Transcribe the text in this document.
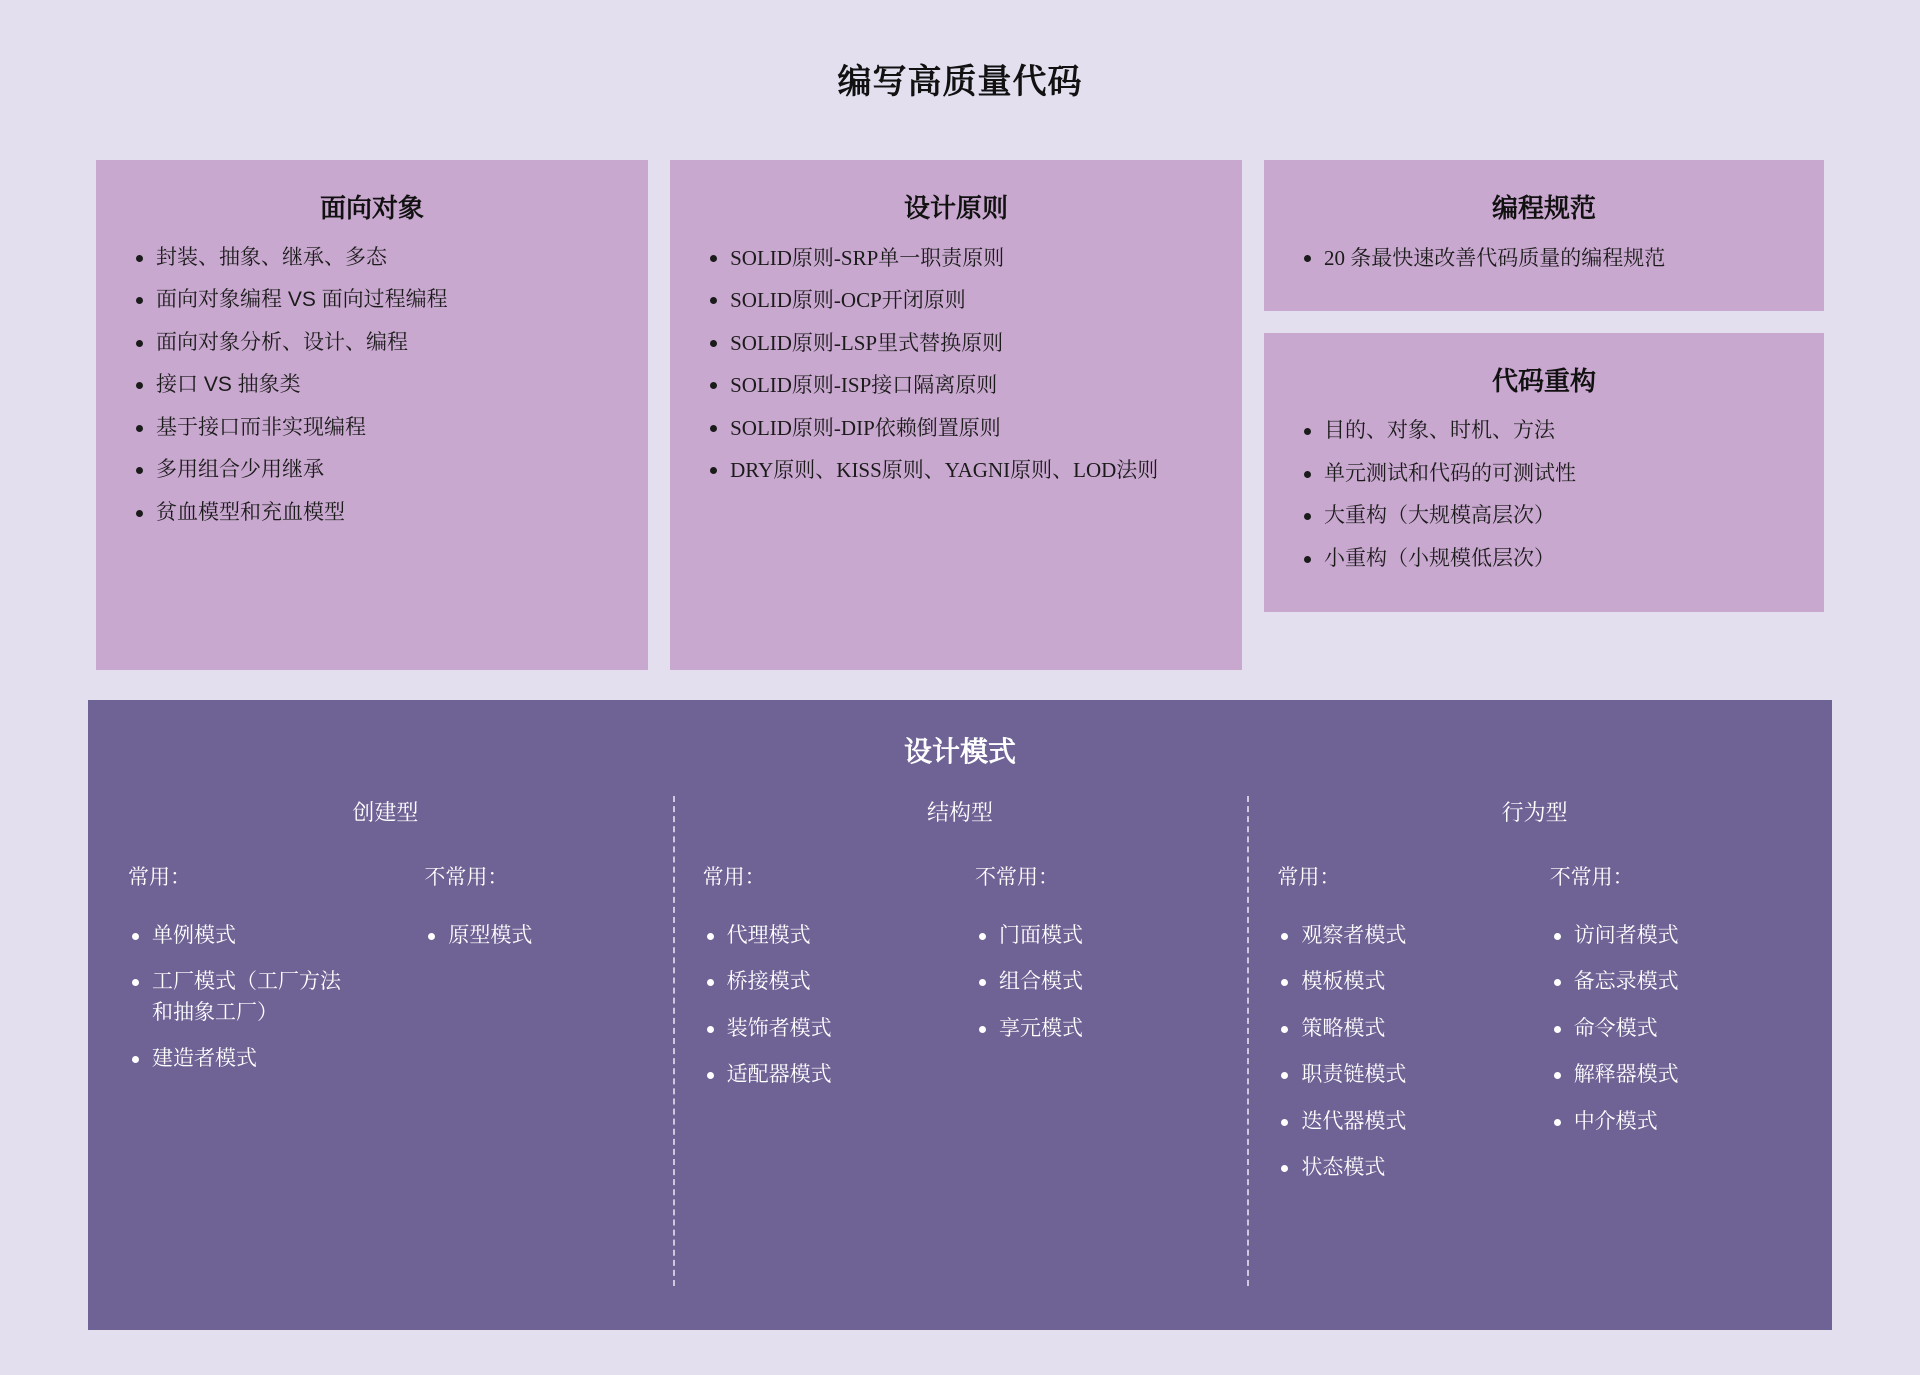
编写高质量代码
面向对象
封装、抽象、继承、多态
面向对象编程 VS 面向过程编程
面向对象分析、设计、编程
接口 VS 抽象类
基于接口而非实现编程
多用组合少用继承
贫血模型和充血模型
设计原则
SOLID原则-SRP单一职责原则
SOLID原则-OCP开闭原则
SOLID原则-LSP里式替换原则
SOLID原则-ISP接口隔离原则
SOLID原则-DIP依赖倒置原则
DRY原则、KISS原则、YAGNI原则、LOD法则
编程规范
20 条最快速改善代码质量的编程规范
代码重构
目的、对象、时机、方法
单元测试和代码的可测试性
大重构（大规模高层次）
小重构（小规模低层次）
设计模式
创建型
常用：
单例模式
工厂模式（工厂方法和抽象工厂）
建造者模式
不常用：
原型模式
结构型
常用：
代理模式
桥接模式
装饰者模式
适配器模式
不常用：
门面模式
组合模式
享元模式
行为型
常用：
观察者模式
模板模式
策略模式
职责链模式
迭代器模式
状态模式
不常用：
访问者模式
备忘录模式
命令模式
解释器模式
中介模式
